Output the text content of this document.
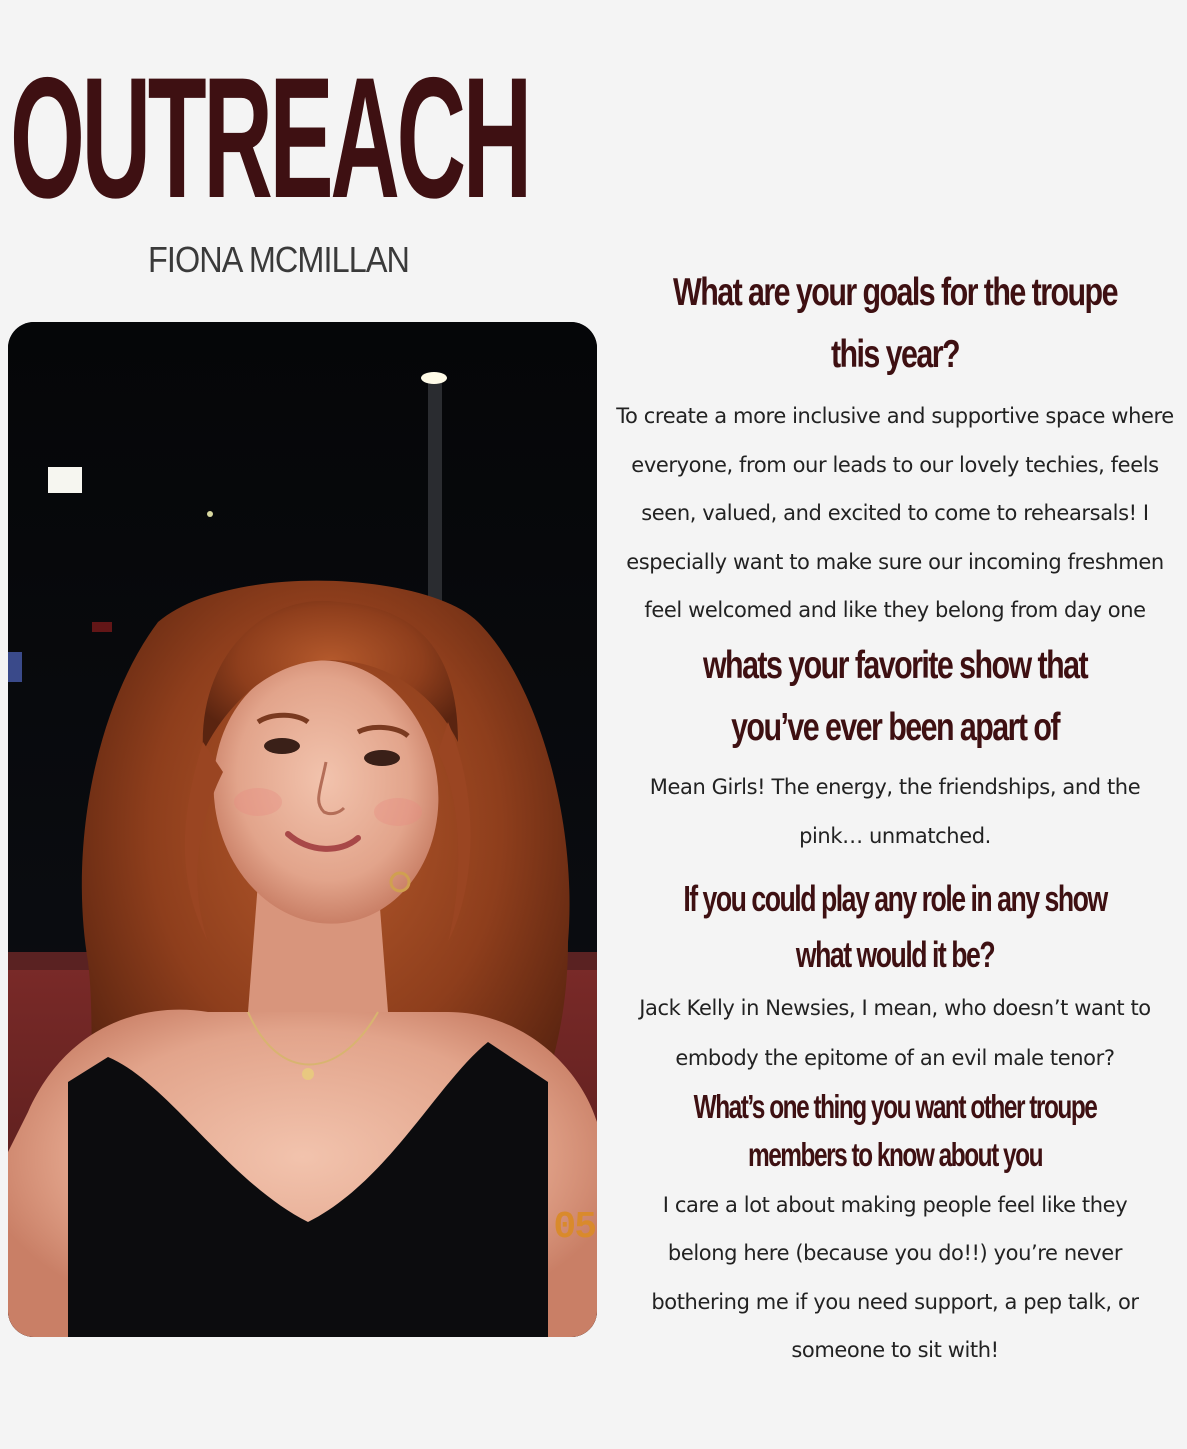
OUTREACH
FIONA MCMILLAN
05
What are your goals for the troupe this year?
To create a more inclusive and supportive space where everyone, from our leads to our lovely techies, feels seen, valued, and excited to come to rehearsals! I especially want to make sure our incoming freshmen feel welcomed and like they belong from day one
whats your favorite show that you’ve ever been apart of
Mean Girls! The energy, the friendships, and the pink… unmatched.
If you could play any role in any show what would it be?
Jack Kelly in Newsies, I mean, who doesn’t want to embody the epitome of an evil male tenor?
What’s one thing you want other troupe members to know about you
I care a lot about making people feel like they belong here (because you do!!) you’re never bothering me if you need support, a pep talk, or someone to sit with!
